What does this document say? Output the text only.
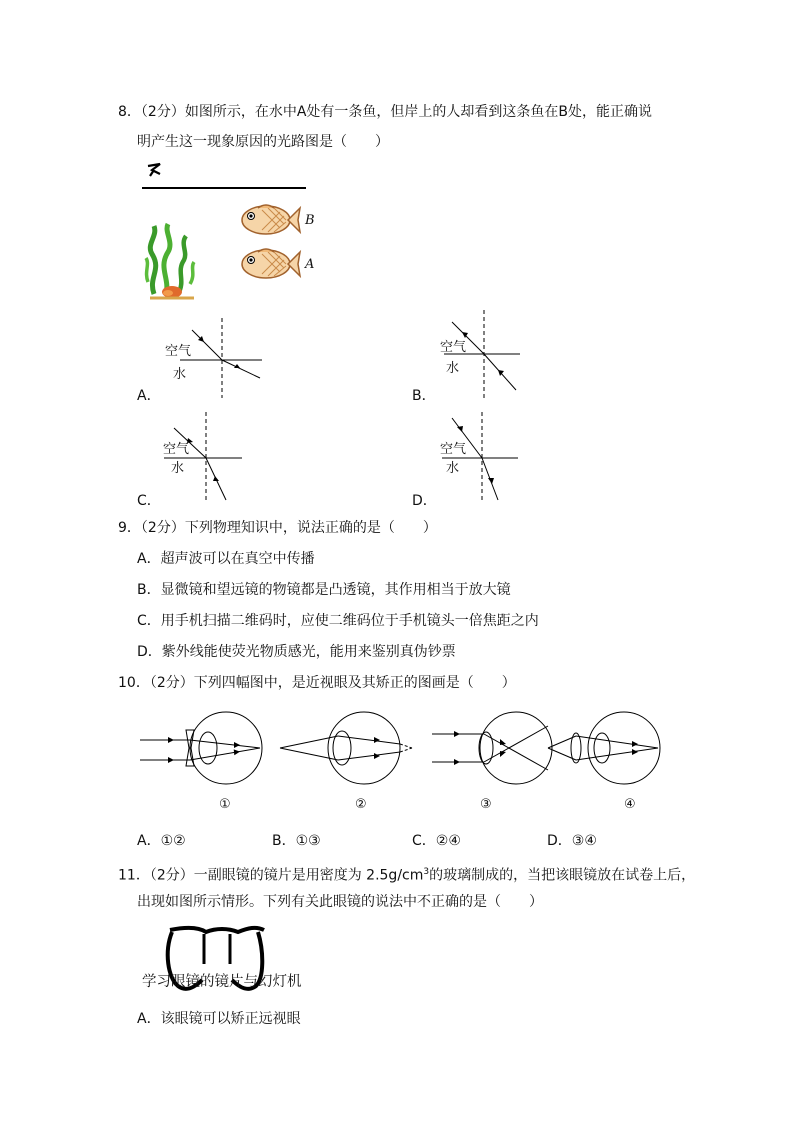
8．（2分）如图所示，在水中A处有一条鱼，但岸上的人却看到这条鱼在B处，能正确说
明产生这一现象原因的光路图是（　　）
B
A
空气
水
A．
空气
水
B．
空气
水
C．
空气
水
D．
9．（2分）下列物理知识中，说法正确的是（　　）
A．超声波可以在真空中传播
B．显微镜和望远镜的物镜都是凸透镜，其作用相当于放大镜
C．用手机扫描二维码时，应使二维码位于手机镜头一倍焦距之内
D．紫外线能使荧光物质感光，能用来鉴别真伪钞票
10．（2分）下列四幅图中，是近视眼及其矫正的图画是（　　）
①	②	③	④
A．①②	B．①③	C．②④	D．③④
11．（2分）一副眼镜的镜片是用密度为 $2.5g/cm^3$的玻璃制成的，当把该眼镜放在试卷上后，
出现如图所示情形。下列有关此眼镜的说法中不正确的是（　　）
学习眼镜的镜片与幻灯机
A．该眼镜可以矫正远视眼
